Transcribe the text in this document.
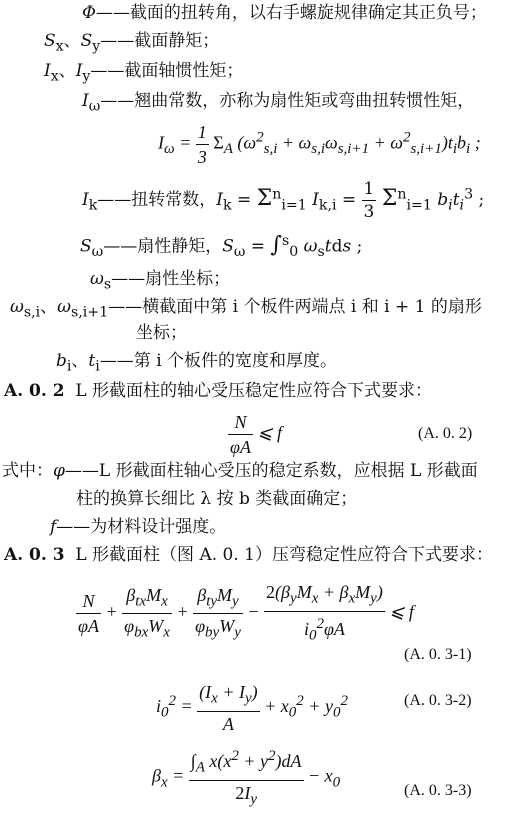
Φ——截面的扭转角，以右手螺旋规律确定其正负号；
$S_x$、$S_y——$截面静矩；
$I_x$、$I_y——$截面轴惯性矩；
$I_\omega——$翘曲常数，亦称为扇性矩或弯曲扭转惯性矩，
$I_\omega = \frac{1}{3} \Sigma_A$ $(\omega^2_{s,i} + \omega_{s,i}\omega_{s,i+1} + \omega^2_{s,i+1})t_ib_i$ ;
$I_k——$扭转常数，$I_k = \Sigma^n_{i=1}$ $I_{k,i} = \frac{1}{3} \Sigma^n_{i=1}$ $b_it_i^3$ ;
$S_\omega——$扇性静矩，$S_\omega = \int^s_0$ $\omega_stds$ ;
$\omega_s——$扇性坐标；
$\omega_{s,i}$、$\omega_{s,i+1}——$横截面中第 i 个板件两端点 i 和 i + 1 的扇形
坐标；
$b_i$、$t_i——$第 i 个板件的宽度和厚度。
A. 0. 2 L 形截面柱的轴心受压稳定性应符合下式要求：
$\frac{N}{\varphi A}$ ⩽ f	(A. 0. 2)
式中：φ——L 形截面柱轴心受压的稳定系数，应根据 L 形截面
柱的换算长细比 λ 按 b 类截面确定；
f——为材料设计强度。
A. 0. 3 L 形截面柱（图 A. 0. 1）压弯稳定性应符合下式要求：
$\frac{N}{\varphi A} + \frac{\beta_{tx}M_x}{\varphi_{bx}W_x} + \frac{\beta_{ty}M_y}{\varphi_{by}W_y} - \frac{2(\beta_yM_x + \beta_xM_y)}{i_0^2\varphi A}$ ⩽ f
(A. 0. 3-1)
$i_0^2 = \frac{(I_x + I_y)}{A} + x_0^2 + y_0^2$	(A. 0. 3-2)
$\beta_x = \frac{\int_A x(x^2 + y^2)dA}{2I_y} - x_0$	(A. 0. 3-3)
